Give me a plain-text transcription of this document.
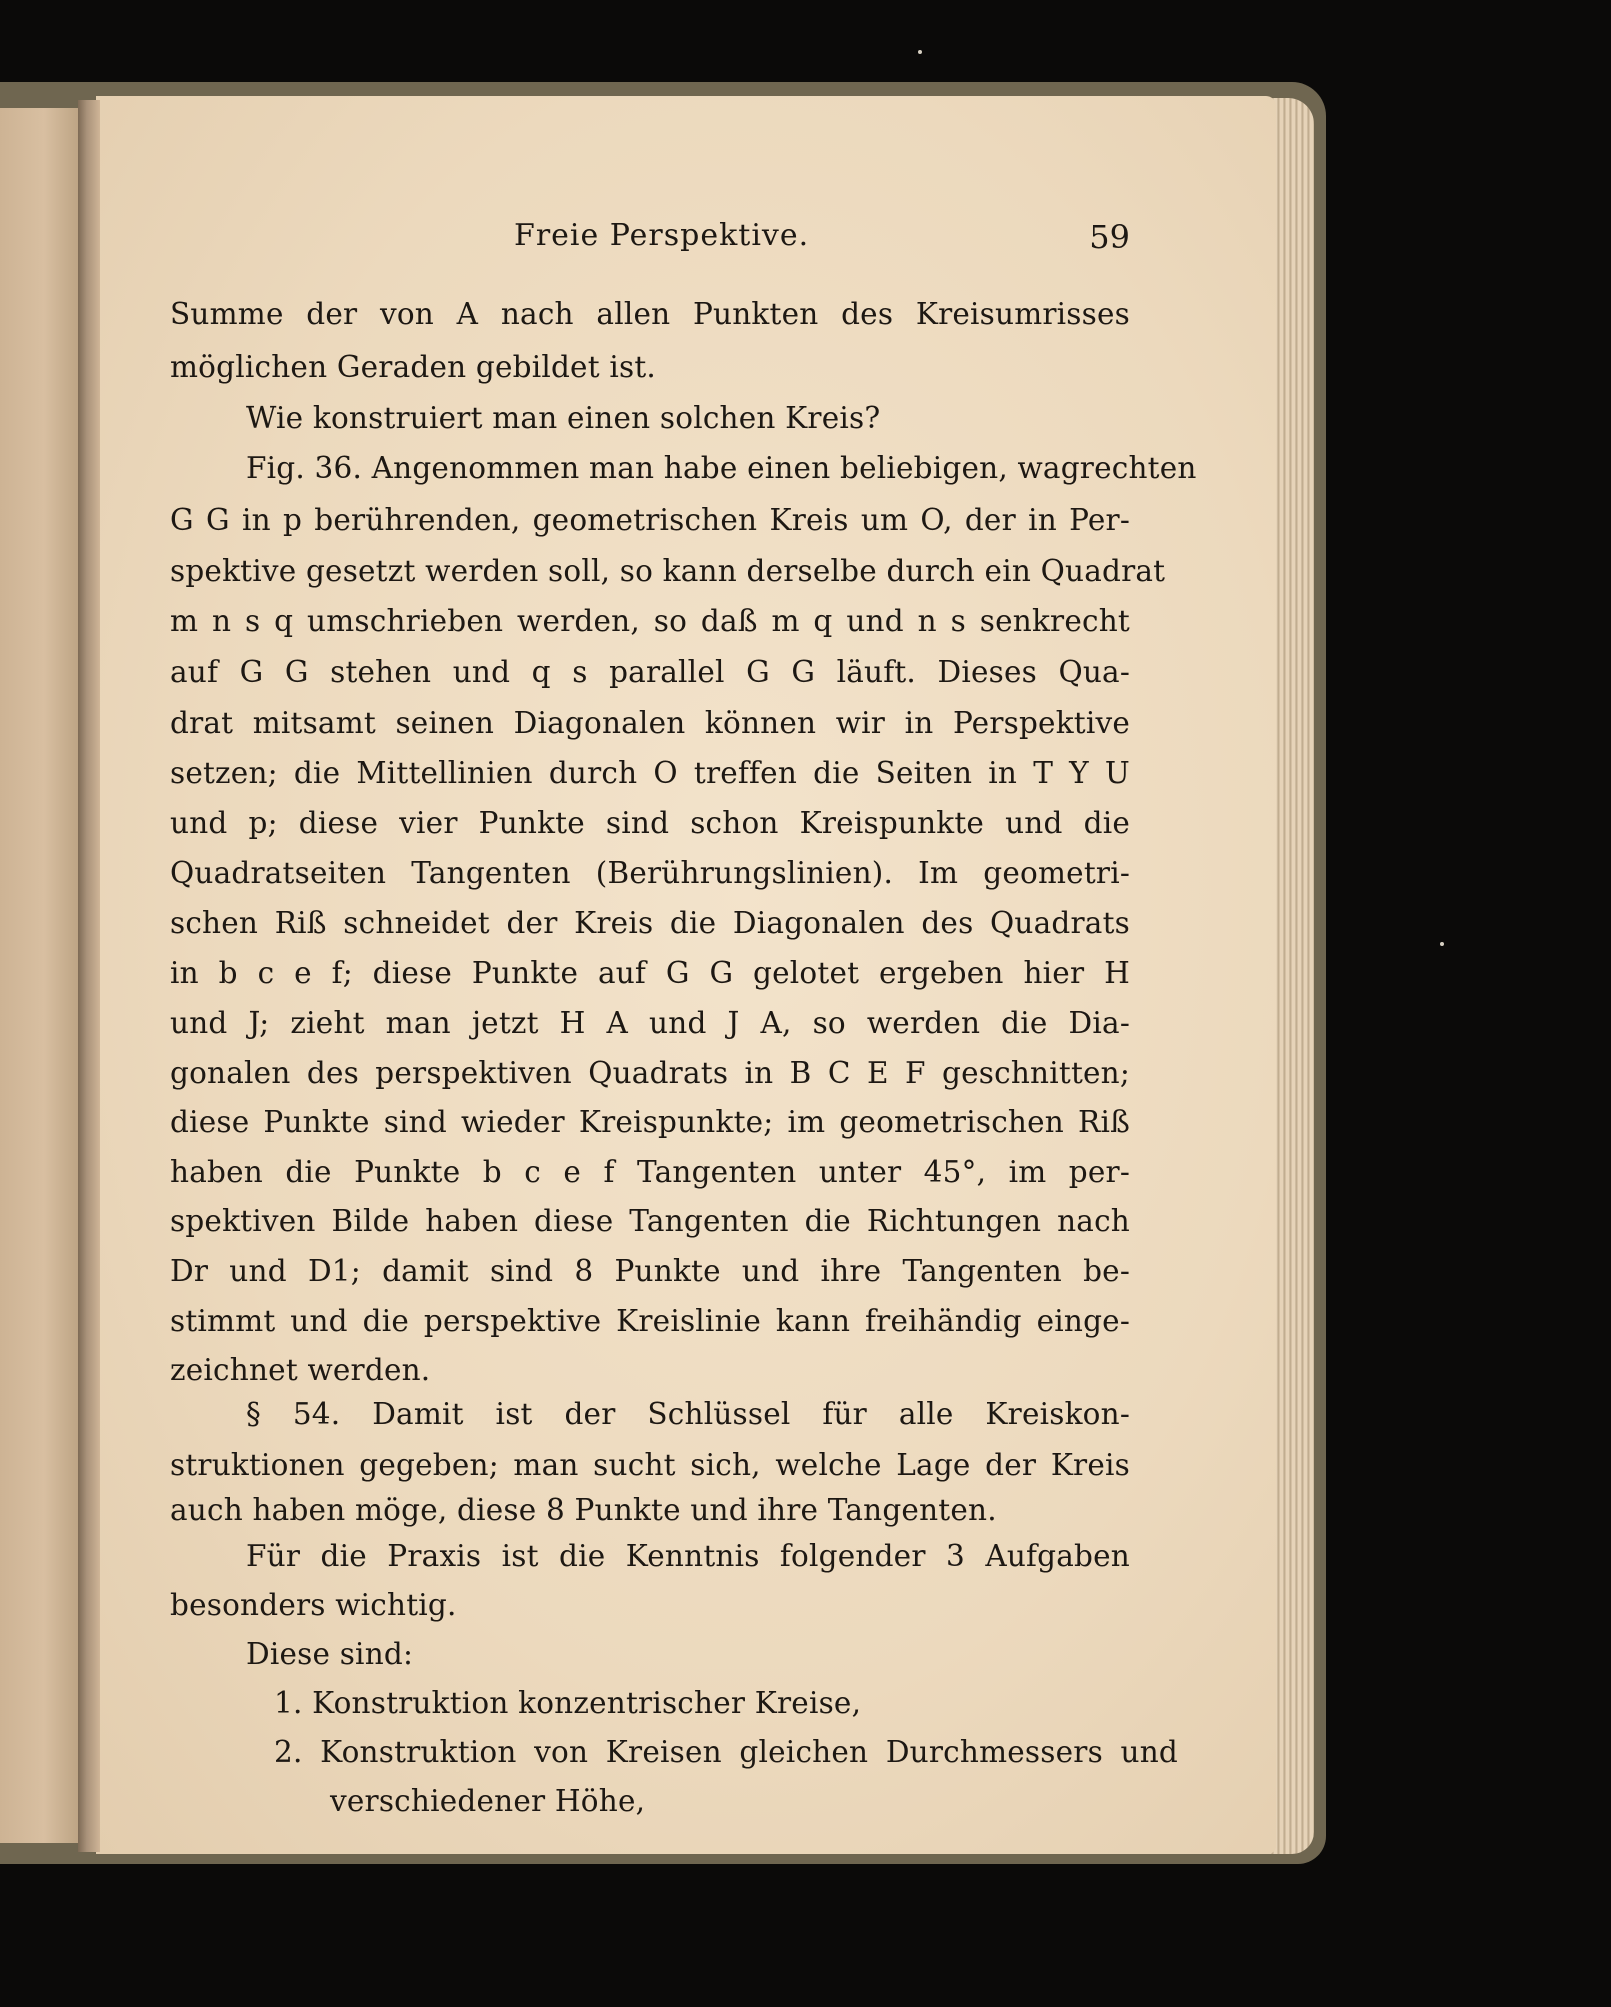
Freie Perspektive.	59
Summe der von A nach allen Punkten des Kreisumrisses
möglichen Geraden gebildet ist.
Wie konstruiert man einen solchen Kreis?
Fig. 36. Angenommen man habe einen beliebigen, wagrechten
G G in p berührenden, geometrischen Kreis um O, der in Per-
spektive gesetzt werden soll, so kann derselbe durch ein Quadrat
m n s q umschrieben werden, so daß m q und n s senkrecht
auf G G stehen und q s parallel G G läuft. Dieses Qua-
drat mitsamt seinen Diagonalen können wir in Perspektive
setzen; die Mittellinien durch O treffen die Seiten in T Y U
und p; diese vier Punkte sind schon Kreispunkte und die
Quadratseiten Tangenten (Berührungslinien). Im geometri-
schen Riß schneidet der Kreis die Diagonalen des Quadrats
in b c e f; diese Punkte auf G G gelotet ergeben hier H
und J; zieht man jetzt H A und J A, so werden die Dia-
gonalen des perspektiven Quadrats in B C E F geschnitten;
diese Punkte sind wieder Kreispunkte; im geometrischen Riß
haben die Punkte b c e f Tangenten unter 45°, im per-
spektiven Bilde haben diese Tangenten die Richtungen nach
Dr und D1; damit sind 8 Punkte und ihre Tangenten be-
stimmt und die perspektive Kreislinie kann freihändig einge-
zeichnet werden.
§ 54. Damit ist der Schlüssel für alle Kreiskon-
struktionen gegeben; man sucht sich, welche Lage der Kreis
auch haben möge, diese 8 Punkte und ihre Tangenten.
Für die Praxis ist die Kenntnis folgender 3 Aufgaben
besonders wichtig.
Diese sind:
1. Konstruktion konzentrischer Kreise,
2. Konstruktion von Kreisen gleichen Durchmessers und
verschiedener Höhe,
